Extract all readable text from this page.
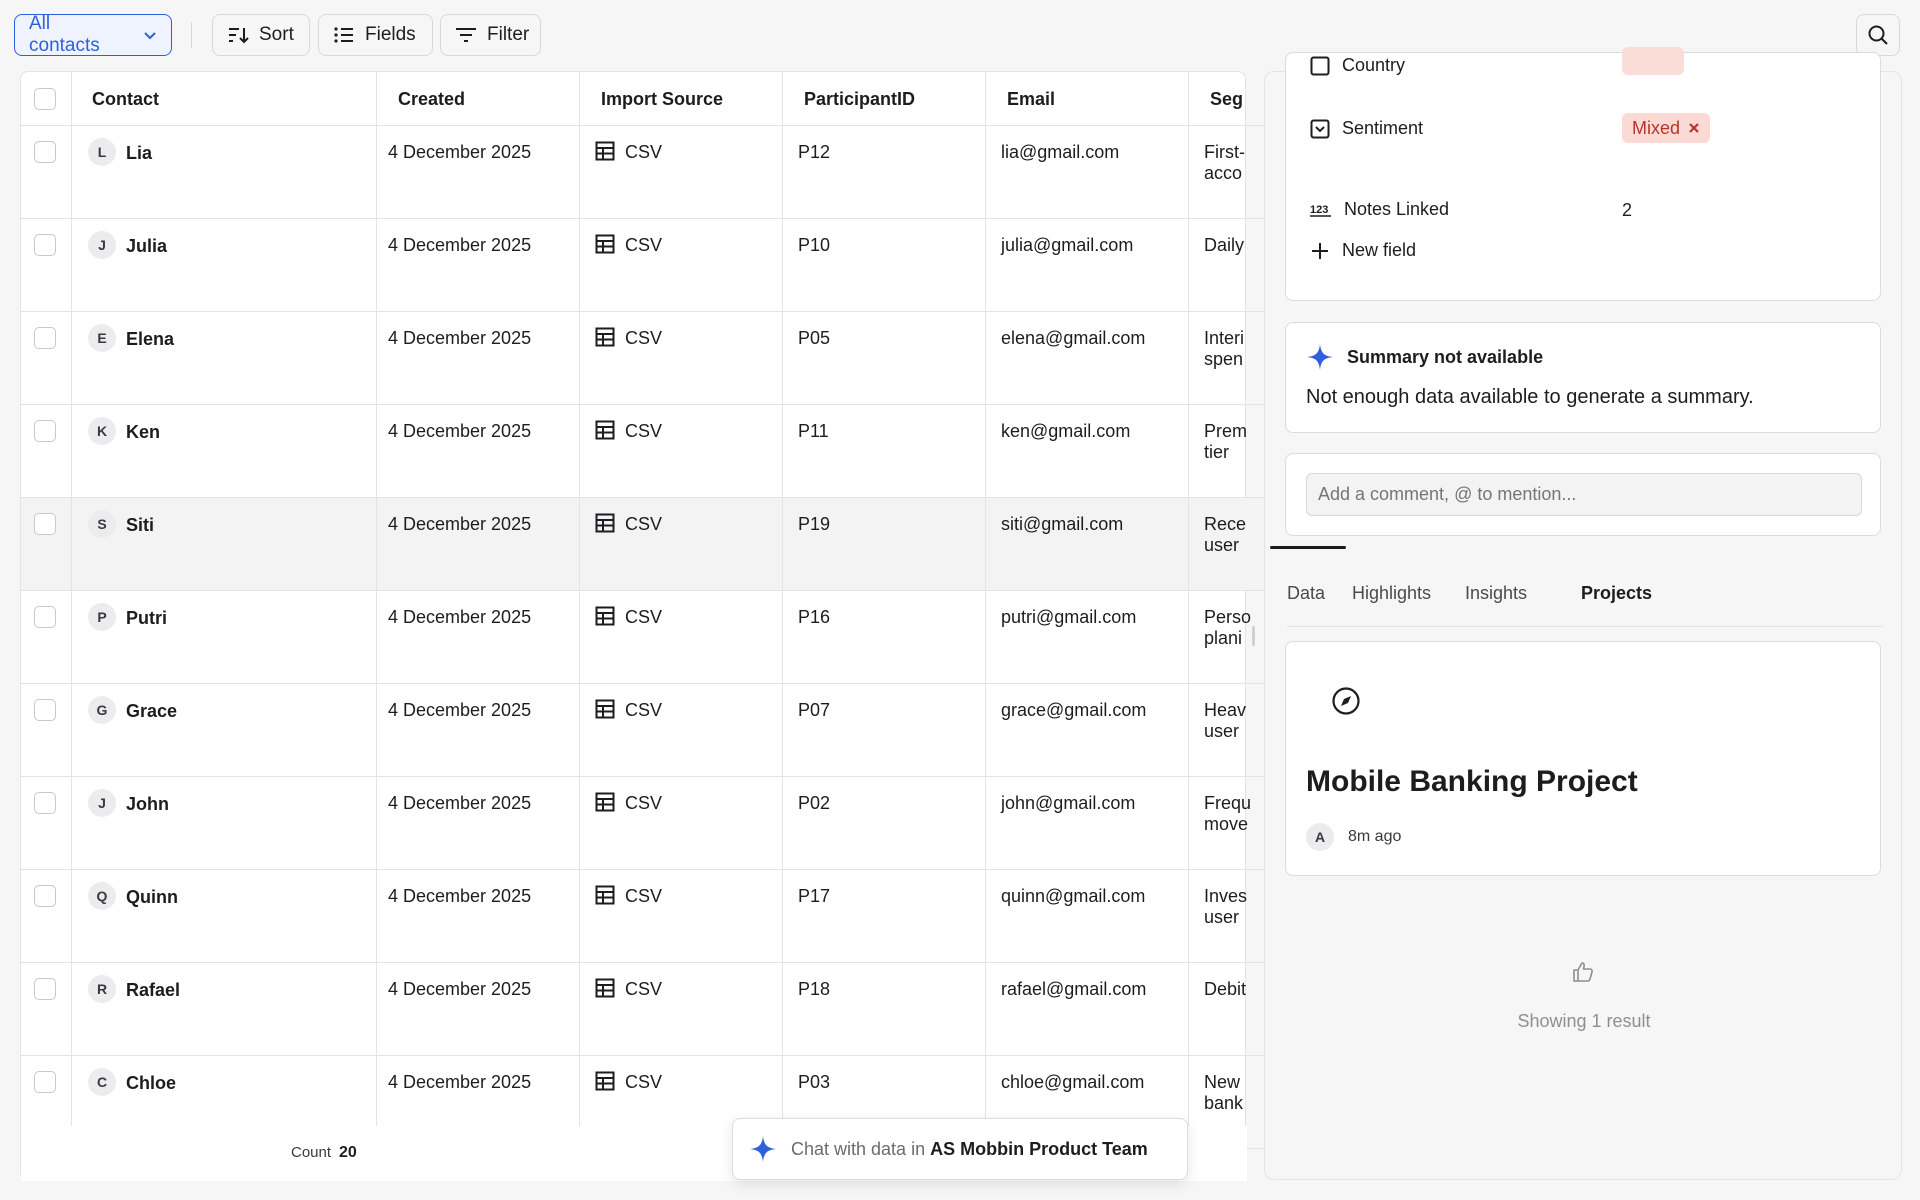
All contacts
Sort	Fields	Filter
Contact	Created	Import Source	ParticipantID	Email	Seg
L Lia	4 December 2025	CSV	P12	lia@gmail.com	First-
acco
J Julia	4 December 2025	CSV	P10	julia@gmail.com	Daily
E Elena	4 December 2025	CSV	P05	elena@gmail.com	Interi
spen
K Ken	4 December 2025	CSV	P11	ken@gmail.com	Prem
tier
S Siti	4 December 2025	CSV	P19	siti@gmail.com	Rece
user
P Putri	4 December 2025	CSV	P16	putri@gmail.com	Perso
plani
G Grace	4 December 2025	CSV	P07	grace@gmail.com	Heav
user
J John	4 December 2025	CSV	P02	john@gmail.com	Frequ
move
Q Quinn	4 December 2025	CSV	P17	quinn@gmail.com	Inves
user
R Rafael	4 December 2025	CSV	P18	rafael@gmail.com	Debit
C Chloe	4 December 2025	CSV	P03	chloe@gmail.com	New
bank
Count 20	Chat with data in AS Mobbin Product Team
Country
Sentiment	Mixed
123 Notes Linked	2
New field
Summary not available
Not enough data available to generate a summary.
Add a comment, @ to mention...
Data Highlights Insights	Projects
Mobile Banking Project
A	8m ago
Showing 1 result
